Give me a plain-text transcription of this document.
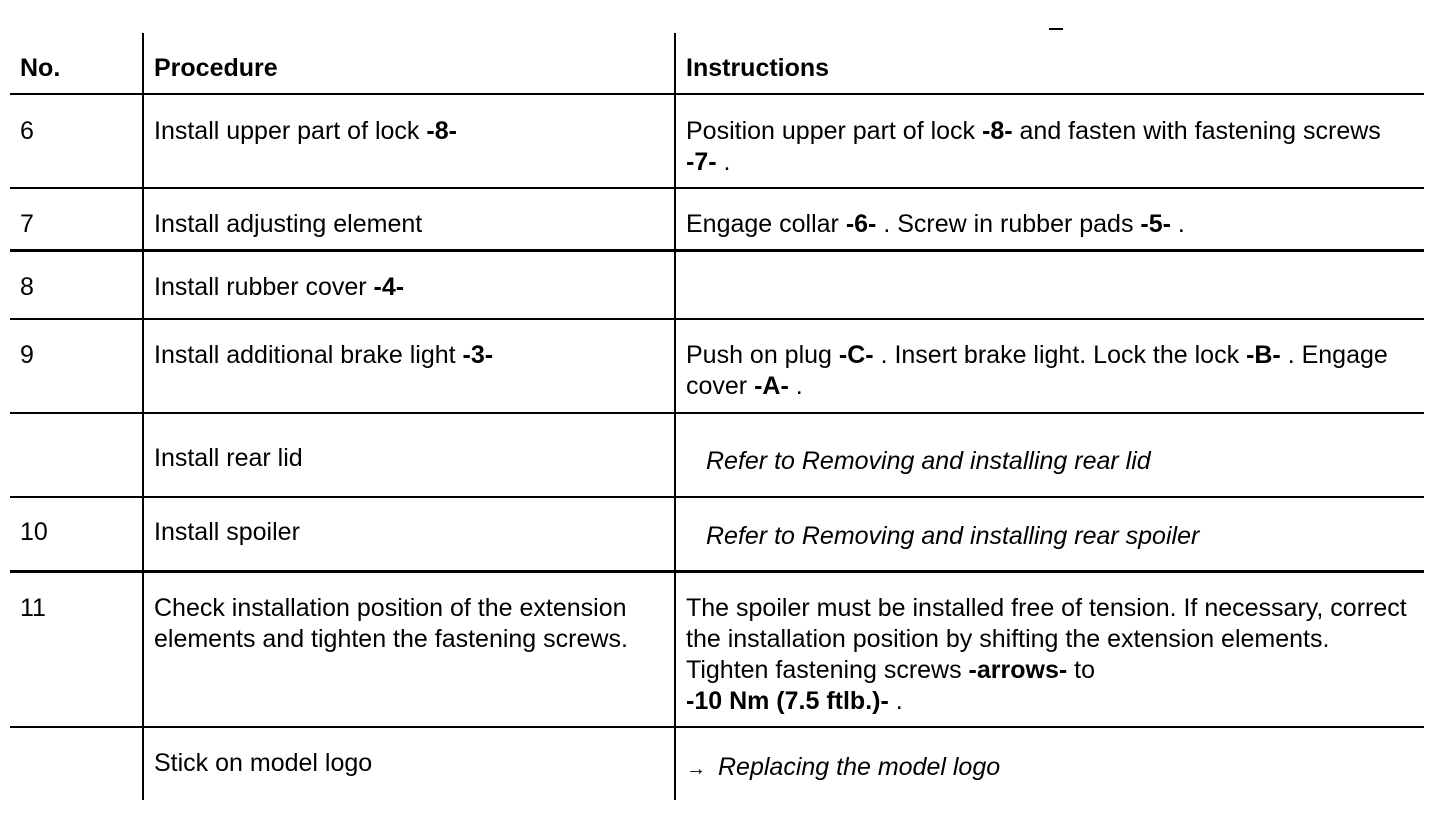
No.	Procedure	Instructions
6	Install upper part of lock -8-	Position upper part of lock -8- and fasten with fastening screws -7- .
7	Install adjusting element	Engage collar -6- . Screw in rubber pads -5- .
8	Install rubber cover -4-	
9	Install additional brake light -3-	Push on plug -C- . Insert brake light. Lock the lock -B- . Engage cover -A- .
	Install rear lid	Refer to Removing and installing rear lid
10	Install spoiler	Refer to Removing and installing rear spoiler
11	Check installation position of the extension elements and tighten the fastening screws.	The spoiler must be installed free of tension. If necessary, correct the installation position by shifting the extension elements. Tighten fastening screws -arrows- to
-10 Nm (7.5 ftlb.)- .
	Stick on model logo	→ Replacing the model logo
